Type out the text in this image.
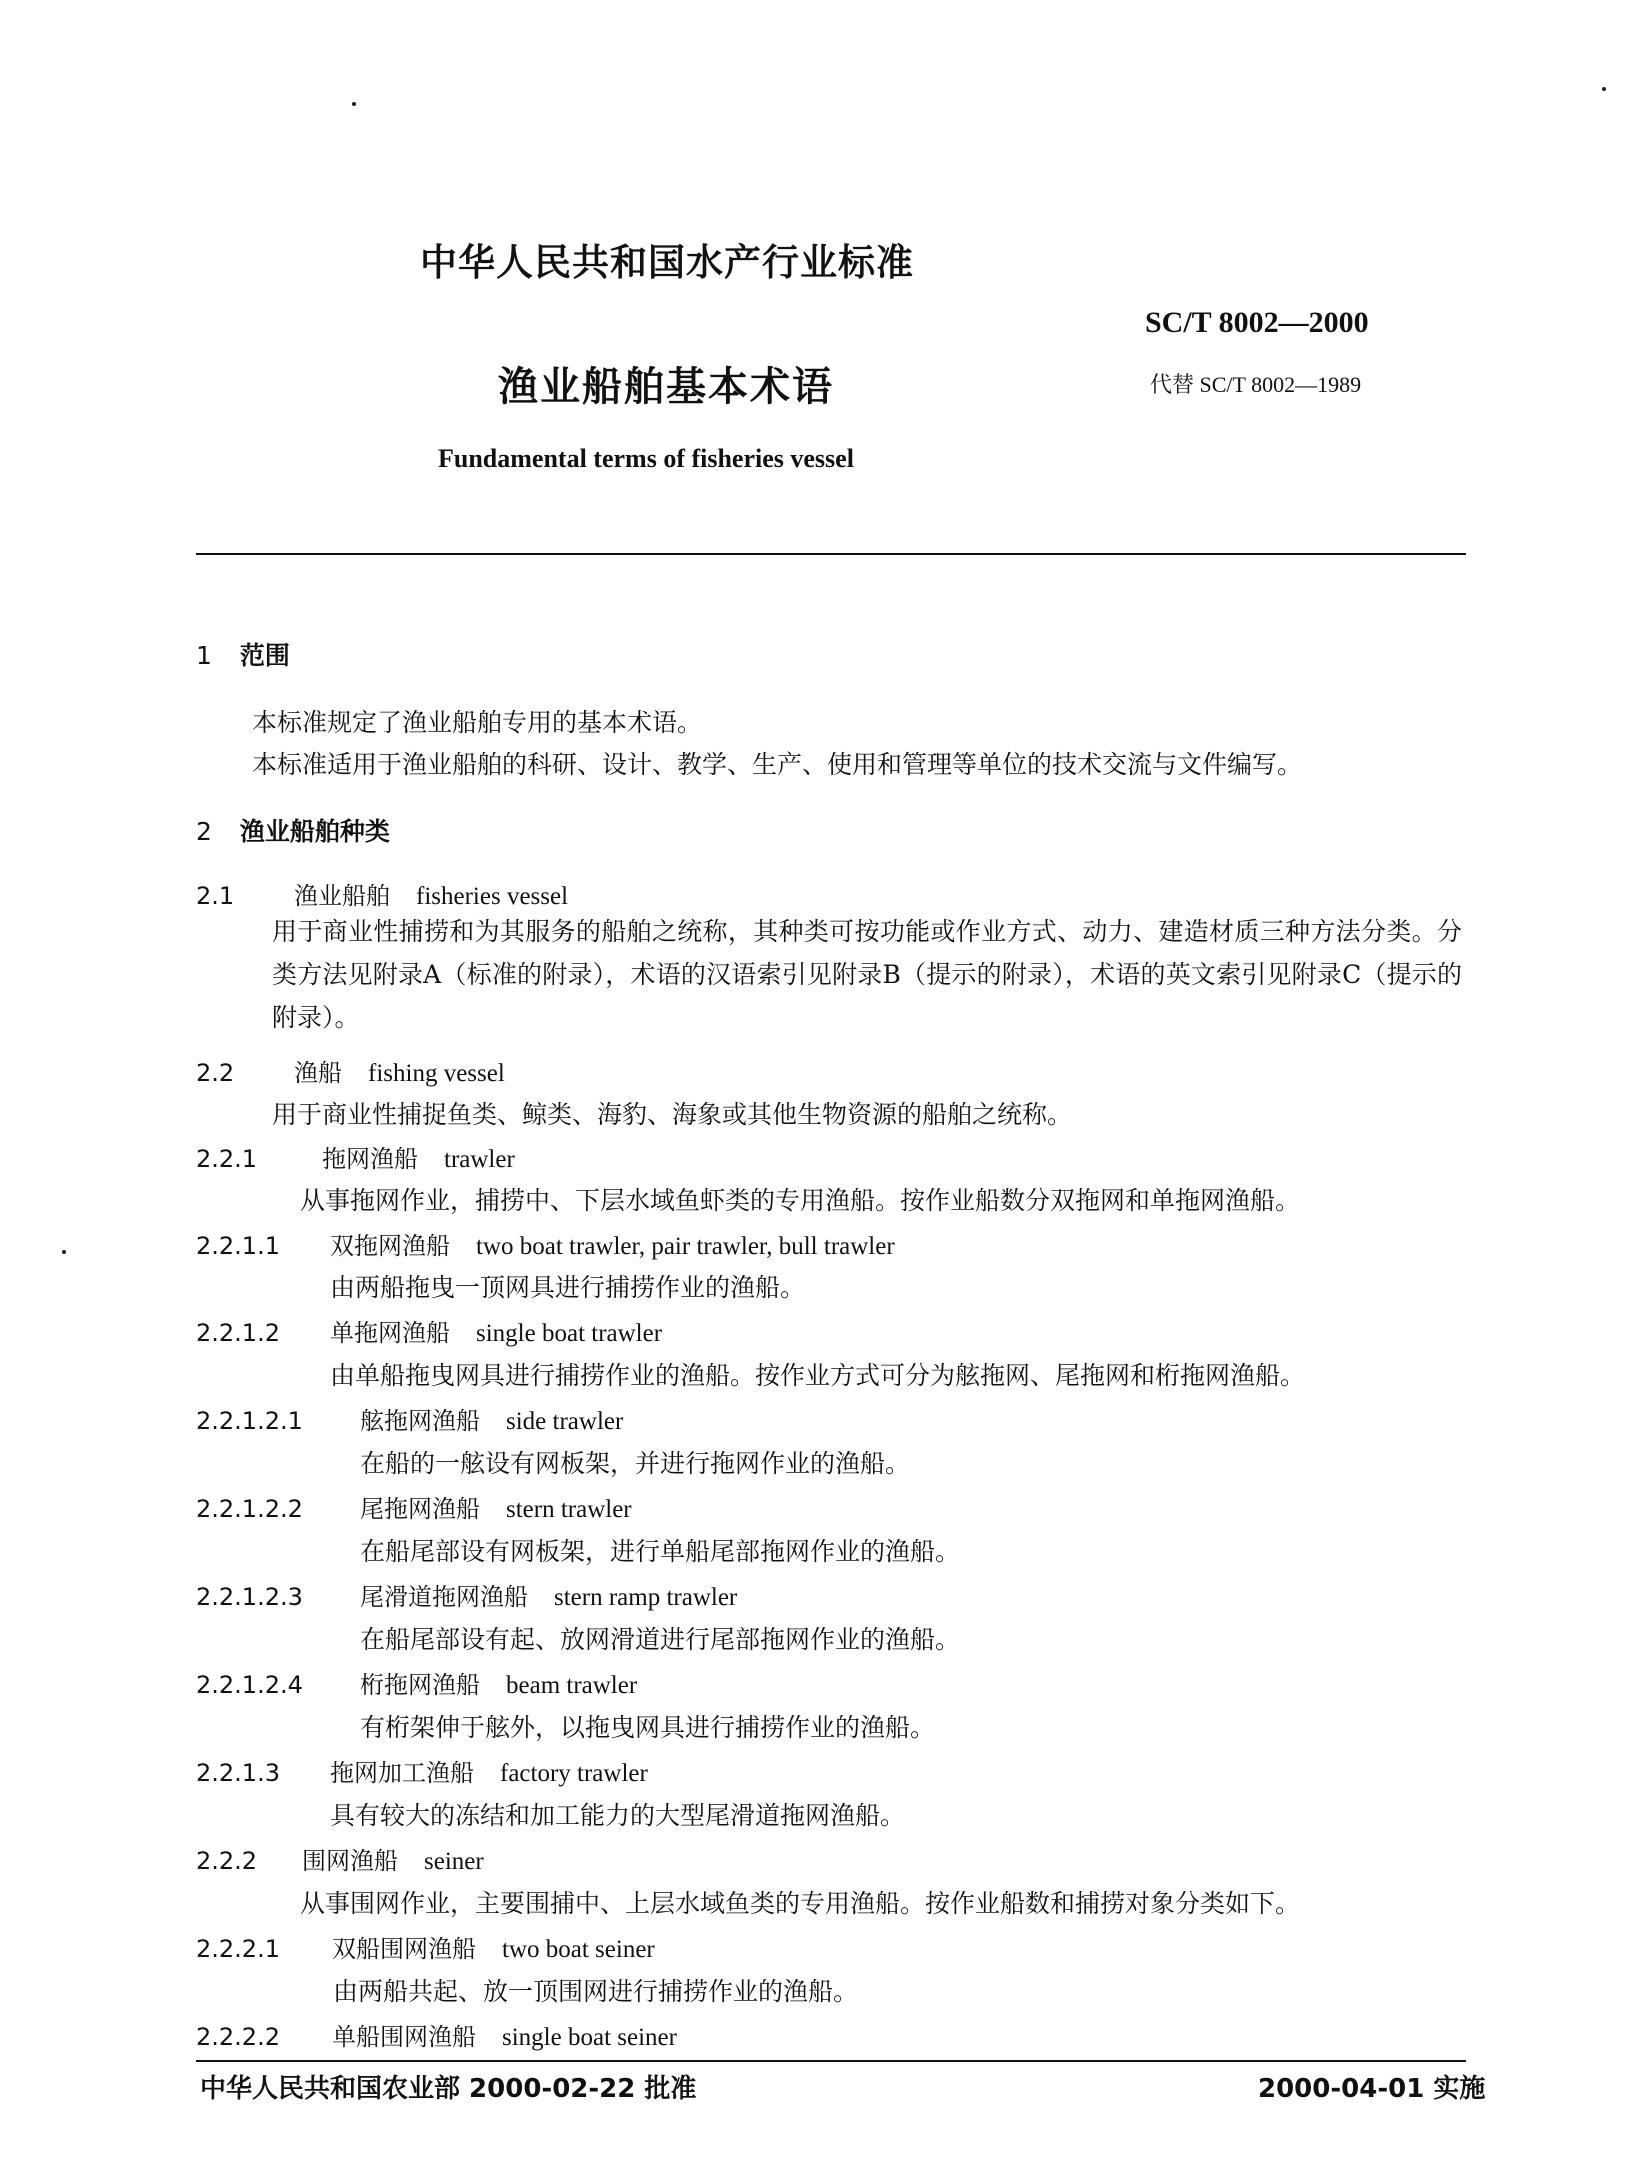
中华人民共和国水产行业标准
SC/T 8002—2000
渔业船舶基本术语	代替 SC/T 8002—1989
Fundamental terms of fisheries vessel
1 范围
本标准规定了渔业船舶专用的基本术语。
本标准适用于渔业船舶的科研、设计、教学、生产、使用和管理等单位的技术交流与文件编写。
2 渔业船舶种类
2.1 渔业船舶 fisheries vessel
用于商业性捕捞和为其服务的船舶之统称，其种类可按功能或作业方式、动力、建造材质三种方法分类。分类方法见附录A（标准的附录），术语的汉语索引见附录B（提示的附录），术语的英文索引见附录C（提示的附录）。
2.2 渔船 fishing vessel
用于商业性捕捉鱼类、鲸类、海豹、海象或其他生物资源的船舶之统称。
2.2.1	拖网渔船 trawler
从事拖网作业，捕捞中、下层水域鱼虾类的专用渔船。按作业船数分双拖网和单拖网渔船。
2.2.1.1 双拖网渔船 two boat trawler, pair trawler, bull trawler
由两船拖曳一顶网具进行捕捞作业的渔船。
2.2.1.2 单拖网渔船 single boat trawler
由单船拖曳网具进行捕捞作业的渔船。按作业方式可分为舷拖网、尾拖网和桁拖网渔船。
2.2.1.2.1 舷拖网渔船 side trawler
在船的一舷设有网板架，并进行拖网作业的渔船。
2.2.1.2.2 尾拖网渔船 stern trawler
在船尾部设有网板架，进行单船尾部拖网作业的渔船。
2.2.1.2.3 尾滑道拖网渔船 stern ramp trawler
在船尾部设有起、放网滑道进行尾部拖网作业的渔船。
2.2.1.2.4 桁拖网渔船 beam trawler
有桁架伸于舷外，以拖曳网具进行捕捞作业的渔船。
2.2.1.3 拖网加工渔船 factory trawler
具有较大的冻结和加工能力的大型尾滑道拖网渔船。
2.2.2 围网渔船 seiner
从事围网作业，主要围捕中、上层水域鱼类的专用渔船。按作业船数和捕捞对象分类如下。
2.2.2.1 双船围网渔船 two boat seiner
由两船共起、放一顶围网进行捕捞作业的渔船。
2.2.2.2 单船围网渔船 single boat seiner
中华人民共和国农业部 2000-02-22 批准	2000-04-01 实施
